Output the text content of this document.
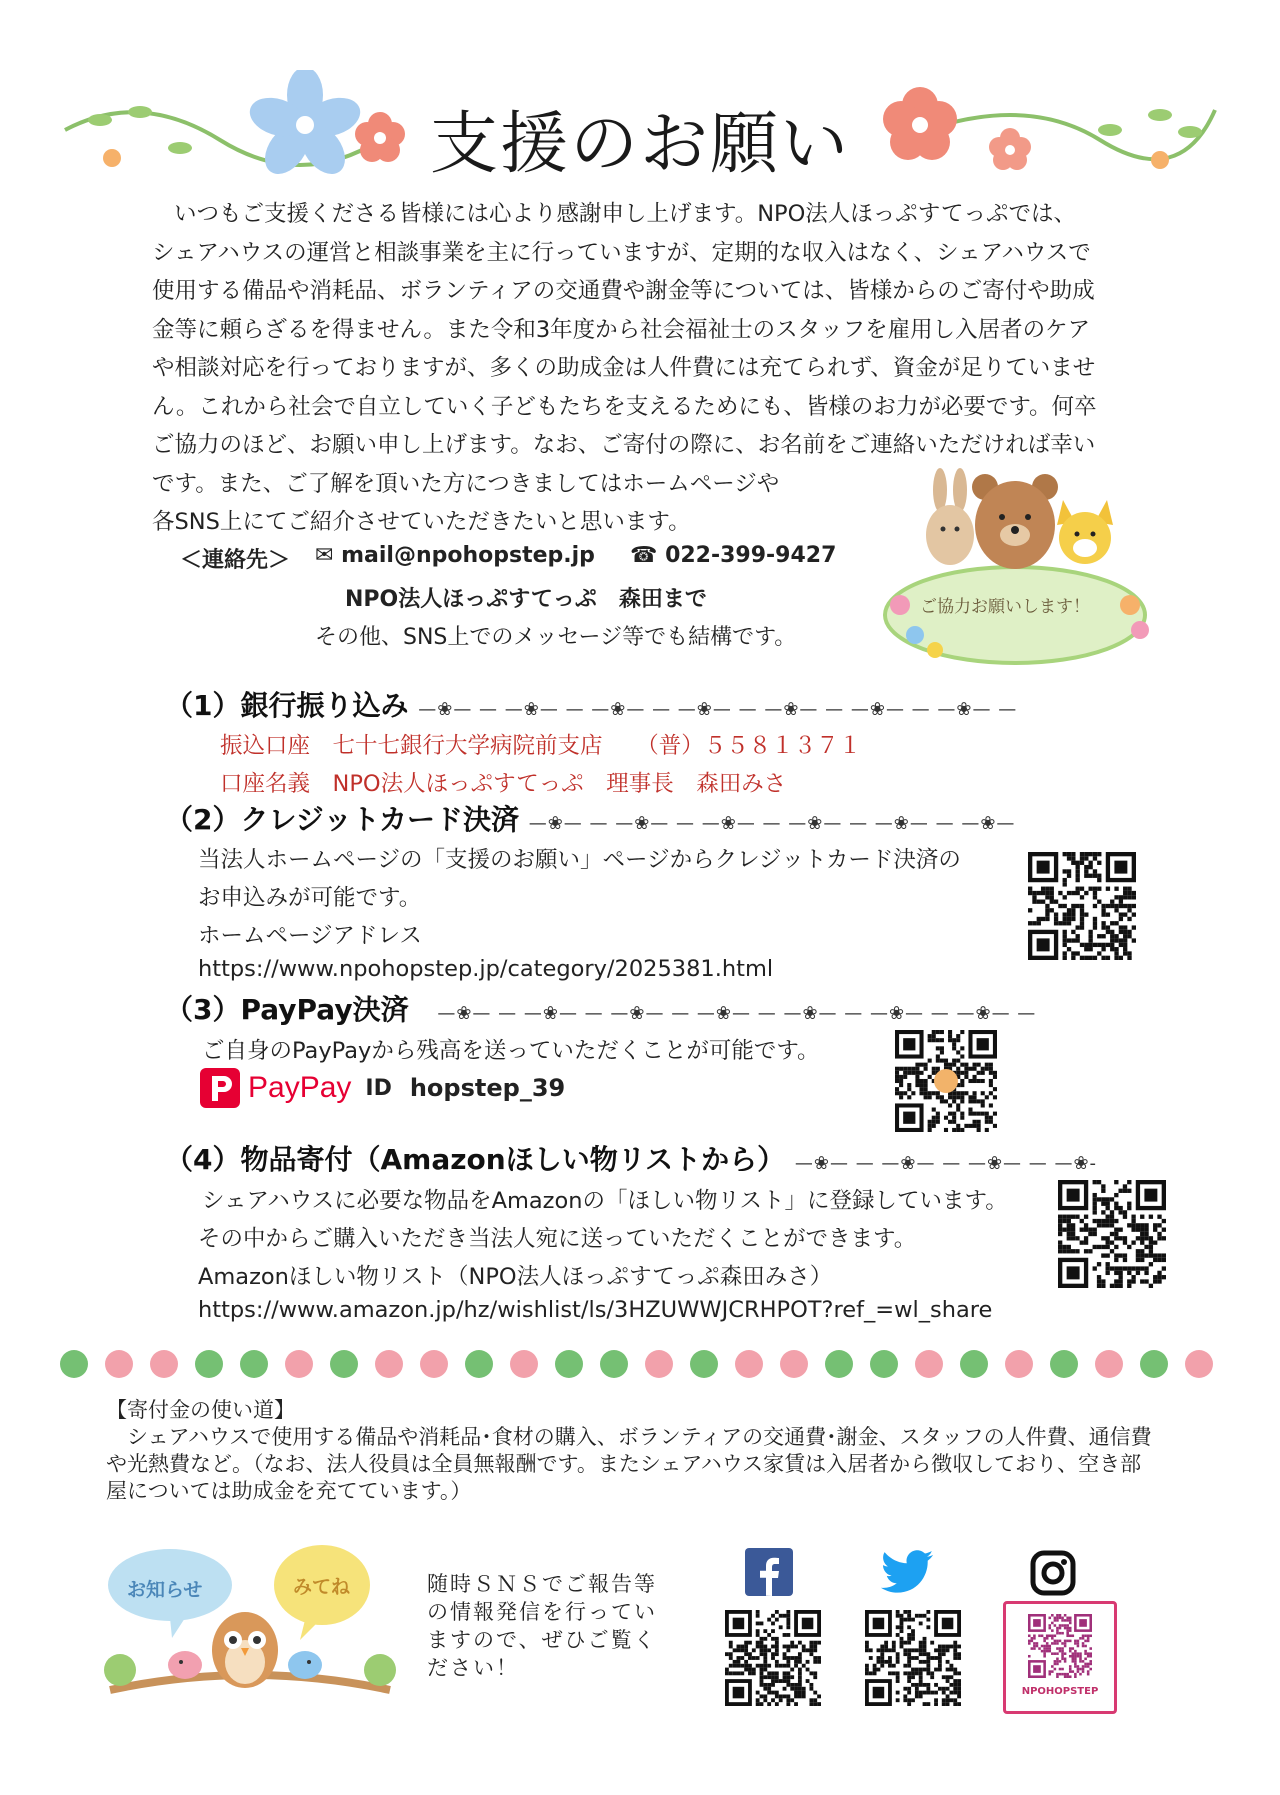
支援のお願い
いつもご支援くださる皆様には心より感謝申し上げます。NPO法人ほっぷすてっぷでは、
シェアハウスの運営と相談事業を主に行っていますが、定期的な収入はなく、シェアハウスで
使用する備品や消耗品、ボランティアの交通費や謝金等については、皆様からのご寄付や助成
金等に頼らざるを得ません。また令和3年度から社会福祉士のスタッフを雇用し入居者のケア
や相談対応を行っておりますが、多くの助成金は人件費には充てられず、資金が足りていませ
ん。これから社会で自立していく子どもたちを支えるためにも、皆様のお力が必要です。何卒
ご協力のほど、お願い申し上げます。なお、ご寄付の際に、お名前をご連絡いただければ幸い
です。また、ご了解を頂いた方につきましてはホームページや
各SNS上にてご紹介させていただきたいと思います。
＜連絡先＞ ✉ mail@npohopstep.jp ☎ 022-399-9427
NPO法人ほっぷすてっぷ　森田まで
その他、SNS上でのメッセージ等でも結構です。
ご協力お願いします！
（1）銀行振り込み —❀— — —❀— — —❀— — —❀— — —❀— — —❀— — —❀— —
振込口座　七十七銀行大学病院前支店　　（普）５５８１３７１
口座名義　NPO法人ほっぷすてっぷ　理事長　森田みさ
（2）クレジットカード決済 —❀— — —❀— — —❀— — —❀— — —❀— — —❀—
当法人ホームページの「支援のお願い」ページからクレジットカード決済の
お申込みが可能です。
ホームページアドレス
https://www.npohopstep.jp/category/2025381.html
（3）PayPay決済 　—❀— — —❀— — —❀— — —❀— — —❀— — —❀— — —❀— —
ご自身のPayPayから残高を送っていただくことが可能です。
PayPay ID hopstep_39
（4）物品寄付（Amazonほしい物リストから） —❀— — —❀— — —❀— — —❀-
シェアハウスに必要な物品をAmazonの「ほしい物リスト」に登録しています。
その中からご購入いただき当法人宛に送っていただくことができます。
Amazonほしい物リスト（NPO法人ほっぷすてっぷ森田みさ）
https://www.amazon.jp/hz/wishlist/ls/3HZUWWJCRHPOT?ref_=wl_share
【寄付金の使い道】
　シェアハウスで使用する備品や消耗品･食材の購入、ボランティアの交通費･謝金、スタッフの人件費、通信費
や光熱費など。（なお、法人役員は全員無報酬です。またシェアハウス家賃は入居者から徴収しており、空き部
屋については助成金を充てています。）
お知らせ	みてね	随時ＳＮＳでご報告等
の情報発信を行ってい
ますので、ぜひご覧く
ださい！
NPOHOPSTEP
